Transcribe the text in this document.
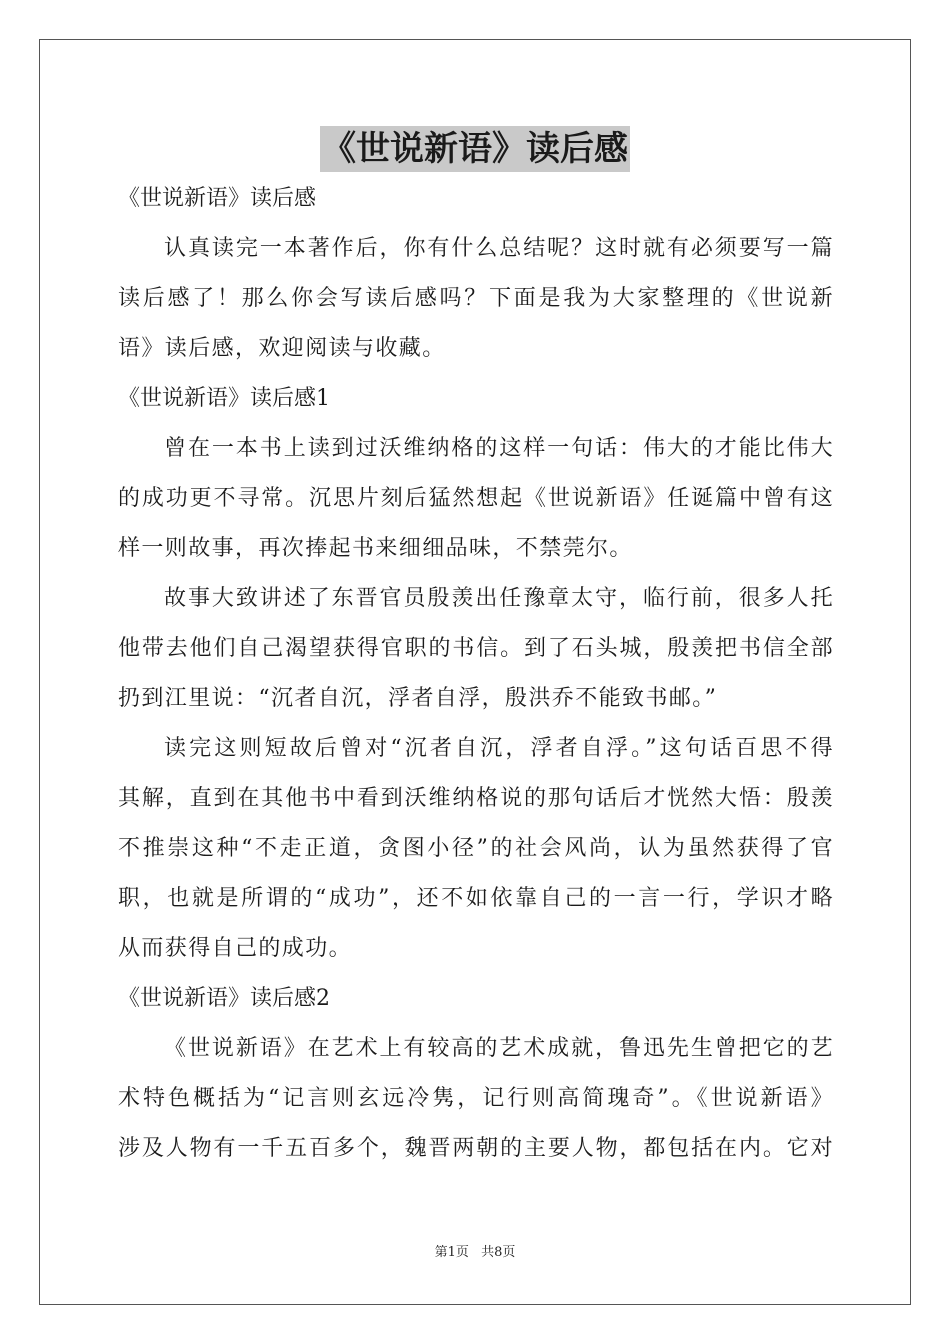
《世说新语》读后感
《世说新语》读后感
认真读完一本著作后，你有什么总结呢？这时就有必须要写一篇
读后感了！那么你会写读后感吗？下面是我为大家整理的《世说新
语》读后感，欢迎阅读与收藏。
《世说新语》读后感1
曾在一本书上读到过沃维纳格的这样一句话：伟大的才能比伟大
的成功更不寻常。沉思片刻后猛然想起《世说新语》任诞篇中曾有这
样一则故事，再次捧起书来细细品味，不禁莞尔。
故事大致讲述了东晋官员殷羡出任豫章太守，临行前，很多人托
他带去他们自己渴望获得官职的书信。到了石头城，殷羡把书信全部
扔到江里说：“沉者自沉，浮者自浮，殷洪乔不能致书邮。”
读完这则短故后曾对“沉者自沉，浮者自浮。”这句话百思不得
其解，直到在其他书中看到沃维纳格说的那句话后才恍然大悟：殷羡
不推崇这种“不走正道，贪图小径”的社会风尚，认为虽然获得了官
职，也就是所谓的“成功”，还不如依靠自己的一言一行，学识才略
从而获得自己的成功。
《世说新语》读后感2
《世说新语》在艺术上有较高的艺术成就，鲁迅先生曾把它的艺
术特色概括为“记言则玄远冷隽，记行则高简瑰奇”。《世说新语》
涉及人物有一千五百多个，魏晋两朝的主要人物，都包括在内。它对
第1页 共8页
